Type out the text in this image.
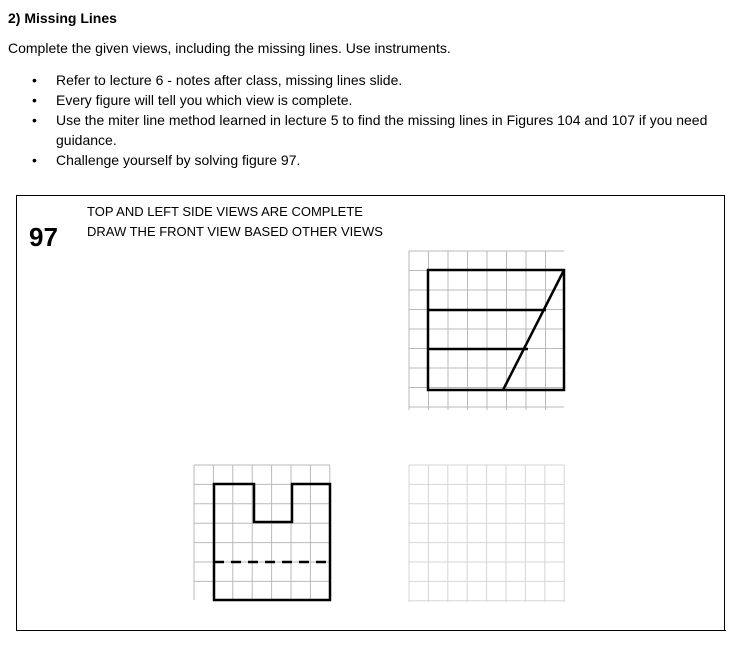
2) Missing Lines
Complete the given views, including the missing lines. Use instruments.
• Refer to lecture 6 - notes after class, missing lines slide.
• Every figure will tell you which view is complete.
• Use the miter line method learned in lecture 5 to find the missing lines in Figures 104 and 107 if you need guidance.
• Challenge yourself by solving figure 97.
97
TOP AND LEFT SIDE VIEWS ARE COMPLETE
DRAW THE FRONT VIEW BASED OTHER VIEWS
